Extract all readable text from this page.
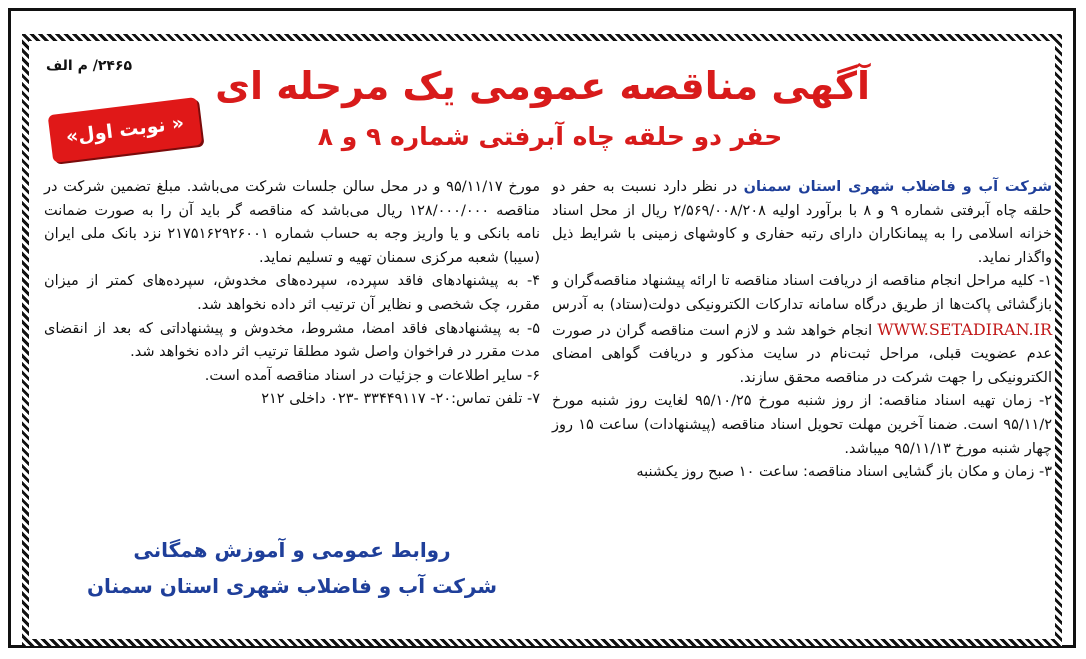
۲۴۶۵/ م الف آگهی مناقصه عمومی یک مرحله ای
حفر دو حلقه چاه آبرفتی شماره ۹ و ۸
« نوبت اول»

شرکت آب و فاضلاب شهری استان سمنان در نظر دارد نسبت به حفر دو حلقه چاه آبرفتی شماره ۹ و ۸ با برآورد اولیه ۲/۵۶۹/۰۰۸/۲۰۸ ریال از محل اسناد خزانه اسلامی را به پیمانکاران دارای رتبه حفاری و کاوشهای زمینی با شرایط ذیل واگذار نماید.

۱- کلیه مراحل انجام مناقصه از دریافت اسناد مناقصه تا ارائه پیشنهاد مناقصه‌گران و بازگشائی پاکت‌ها از طریق درگاه سامانه تدارکات الکترونیکی دولت(ستاد) به آدرس WWW.SETADIRAN.IR انجام خواهد شد و لازم است مناقصه گران در صورت عدم عضویت قبلی، مراحل ثبت‌نام در سایت مذکور و دریافت گواهی امضای الکترونیکی را جهت شرکت در مناقصه محقق سازند.

۲- زمان تهیه اسناد مناقصه: از روز شنبه مورخ ۹۵/۱۰/۲۵ لغایت روز شنبه مورخ ۹۵/۱۱/۲ است. ضمنا آخرین مهلت تحویل اسناد مناقصه (پیشنهادات) ساعت ۱۵ روز چهار شنبه مورخ ۹۵/۱۱/۱۳ میباشد.

۳- زمان و مکان باز گشایی اسناد مناقصه: ساعت ۱۰ صبح روز یکشنبه

مورخ ۹۵/۱۱/۱۷ و در محل سالن جلسات شرکت می‌باشد. مبلغ تضمین شرکت در مناقصه ۱۲۸/۰۰۰/۰۰۰ ریال می‌باشد که مناقصه گر باید آن را به صورت ضمانت نامه بانکی و یا واریز وجه به حساب شماره ۲۱۷۵۱۶۲۹۲۶۰۰۱ نزد بانک ملی ایران (سیبا) شعبه مرکزی سمنان تهیه و تسلیم نماید.

۴- به پیشنهادهای فاقد سپرده، سپرده‌های مخدوش، سپرده‌های کمتر از میزان مقرر، چک شخصی و نظایر آن ترتیب اثر داده نخواهد شد.

۵- به پیشنهادهای فاقد امضا، مشروط، مخدوش و پیشنهاداتی که بعد از انقضای مدت مقرر در فراخوان واصل شود مطلقا ترتیب اثر داده نخواهد شد.

۶- سایر اطلاعات و جزئیات در اسناد مناقصه آمده است.

۷- تلفن تماس:۲۰- ۳۳۴۴۹۱۱۷ -۰۲۳ داخلی ۲۱۲

روابط عمومی و آموزش همگانی
شرکت آب و فاضلاب شهری استان سمنان
